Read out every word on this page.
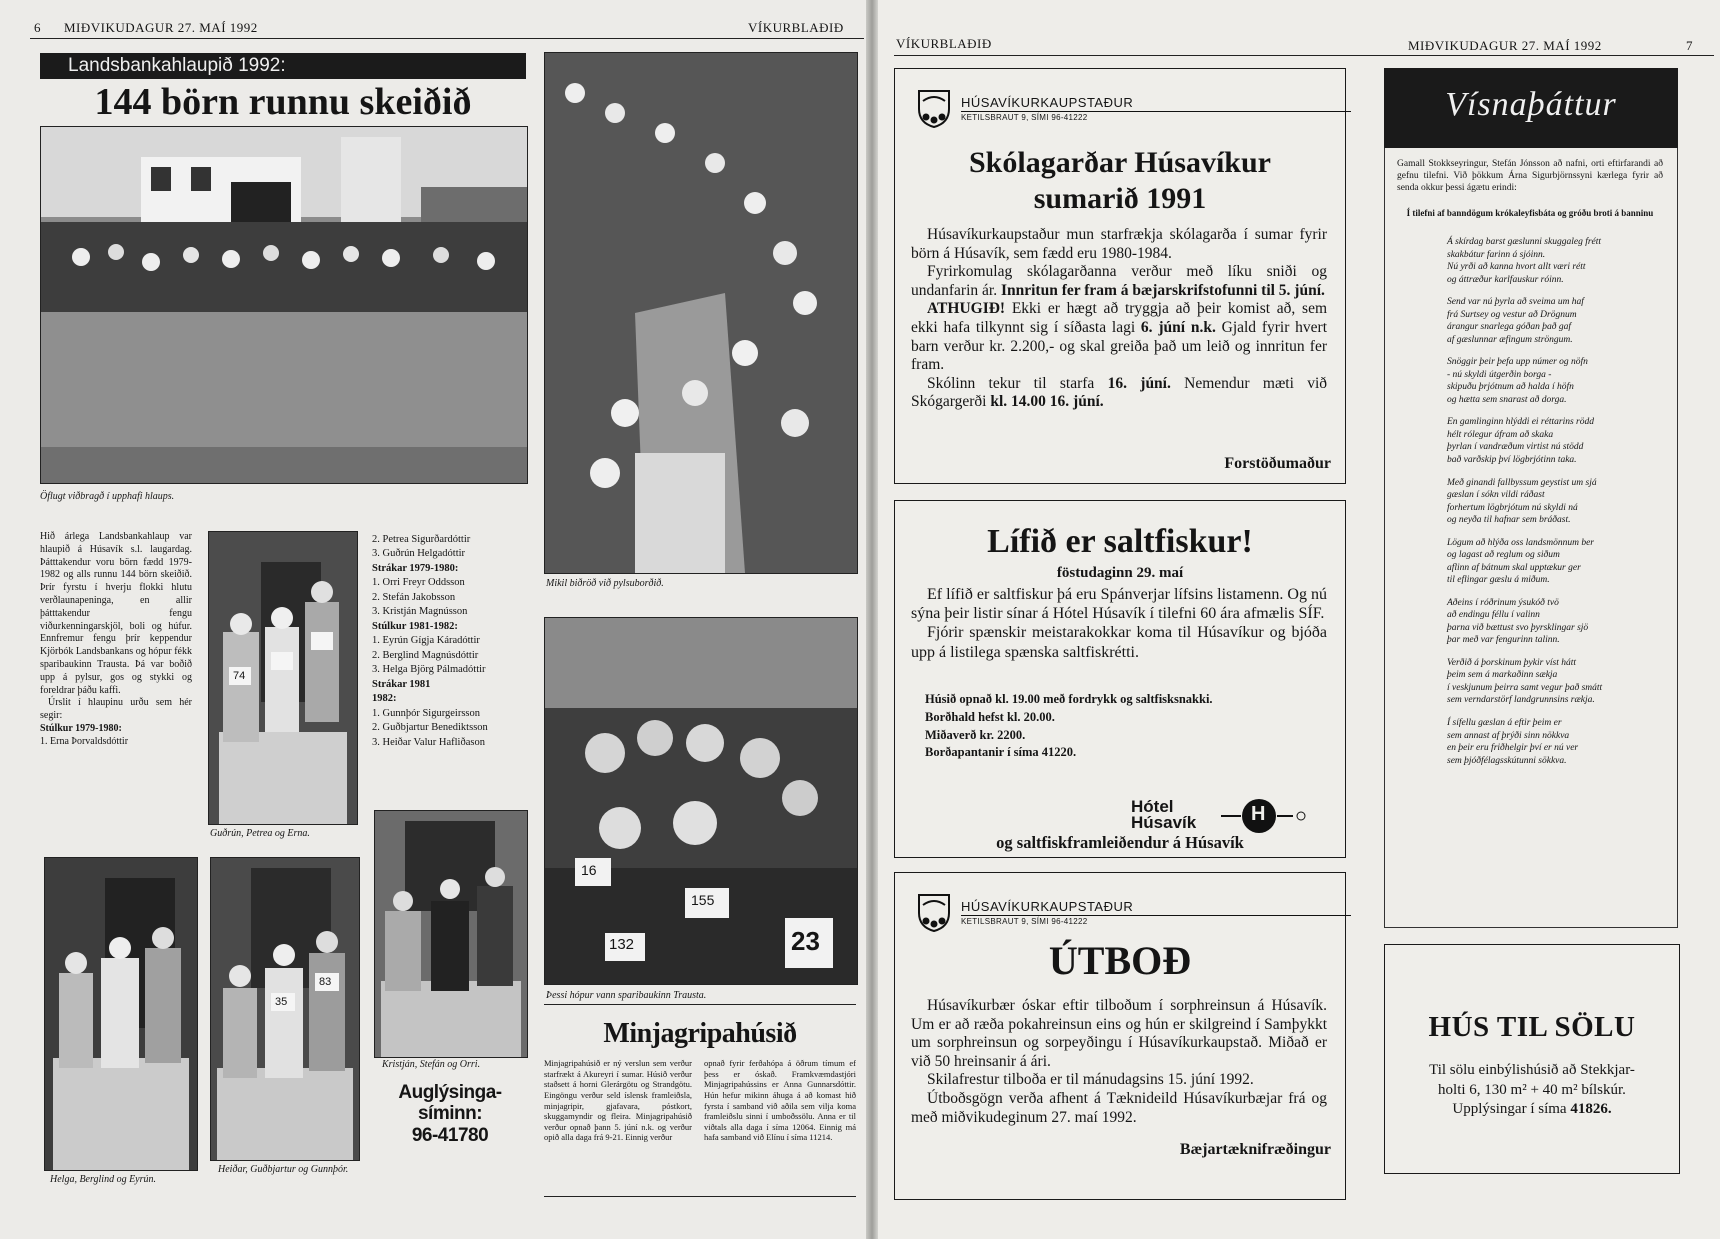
6 MIÐVIKUDAGUR 27. MAÍ 1992	VÍKURBLAÐIÐ
Landsbankahlaupið 1992:
144 börn runnu skeiðið
Öflugt viðbragð í upphafi hlaups.
Mikil biðröð við pylsuborðið.
Hið árlega Landsbankahlaup var hlaupið á Húsavík s.l. laugardag. Þátttakendur voru börn fædd 1979-1982 og alls runnu 144 börn skeiðið. Þrír fyrstu í hverju flokki hlutu verðlaunapeninga, en allir þátttakendur fengu viðurkenningarskjöl, boli og húfur. Ennfremur fengu þrír keppendur Kjörbók Landsbankans og hópur fékk sparibaukinn Trausta. Þá var boðið upp á pylsur, gos og stykki og foreldrar þáðu kaffi.
Úrslit í hlaupinu urðu sem hér segir:
Stúlkur 1979-1980:
1. Erna Þorvaldsdóttir
74
Guðrún, Petrea og Erna.
2. Petrea Sigurðardóttir
3. Guðrún Helgadóttir
Strákar 1979-1980:
1. Orri Freyr Oddsson
2. Stefán Jakobsson
3. Kristján Magnússon
Stúlkur 1981-1982:
1. Eyrún Gígja Káradóttir
2. Berglind Magnúsdóttir
3. Helga Björg Pálmadóttir
Strákar 1981
1982:
1. Gunnþór Sigurgeirsson
2. Guðbjartur Benediktsson
3. Heiðar Valur Hafliðason
Helga, Berglind og Eyrún.
35
83
Heiðar, Guðbjartur og Gunnþór.
Kristján, Stefán og Orri.
Auglýsinga-síminn:
96-41780
16
155
132	23
Þessi hópur vann sparibaukinn Trausta.
Minjagripahúsið
Minjagripahúsið er ný verslun sem verður starfrækt á Akureyri í sumar. Húsið verður staðsett á horni Glerárgötu og Strandgötu. Eingöngu verður seld íslensk framleiðsla, minjagripir, gjafavara, póstkort, skuggamyndir og fleira. Minjagripahúsið verður opnað þann 5. júní n.k. og verður opið alla daga frá 9-21. Einnig verður
opnað fyrir ferðahópa á öðrum tímum ef þess er óskað. Framkvæmdastjóri Minjagripahússins er Anna Gunnarsdóttir. Hún hefur mikinn áhuga á að komast hið fyrsta í samband við aðila sem vilja koma framleiðslu sinni í umboðssölu. Anna er til viðtals alla daga í síma 12064. Einnig má hafa samband við Elínu í síma 11214.
VÍKURBLAÐIÐ	MIÐVIKUDAGUR 27. MAÍ 1992	7
HÚSAVÍKURKAUPSTAÐUR
KETILSBRAUT 9, SÍMI 96-41222
Skólagarðar Húsavíkur
sumarið 1991

Húsavíkurkaupstaður mun starfrækja skólagarða í sumar fyrir börn á Húsavík, sem fædd eru 1980-1984.

Fyrirkomulag skólagarðanna verður með líku sniði og undanfarin ár. Innritun fer fram á bæjarskrifstofunni til 5. júní.

ATHUGIÐ! Ekki er hægt að tryggja að þeir komist að, sem ekki hafa tilkynnt sig í síðasta lagi 6. júní n.k. Gjald fyrir hvert barn verður kr. 2.200,- og skal greiða það um leið og innritun fer fram.

Skólinn tekur til starfa 16. júní. Nemendur mæti við Skógargerði kl. 14.00 16. júní.

Forstöðumaður
Lífið er saltfiskur!
föstudaginn 29. maí

Ef lífið er saltfiskur þá eru Spánverjar lífsins listamenn. Og nú sýna þeir listir sínar á Hótel Húsavík í tilefni 60 ára afmælis SÍF.

Fjórir spænskir meistarakokkar koma til Húsavíkur og bjóða upp á listilega spænska saltfiskrétti.

Húsið opnað kl. 19.00 með fordrykk og saltfisksnakki.
Borðhald hefst kl. 20.00.
Miðaverð kr. 2200.
Borðapantanir í síma 41220.
Hótel
Húsavík	H
og saltfiskframleiðendur á Húsavík
HÚSAVÍKURKAUPSTAÐUR
KETILSBRAUT 9, SÍMI 96-41222
ÚTBOÐ

Húsavíkurbær óskar eftir tilboðum í sorphreinsun á Húsavík. Um er að ræða pokahreinsun eins og hún er skilgreind í Samþykkt um sorphreinsun og sorpeyðingu í Húsavíkurkaupstað. Miðað er við 50 hreinsanir á ári.

Skilafrestur tilboða er til mánudagsins 15. júní 1992.

Útboðsgögn verða afhent á Tæknideild Húsavíkurbæjar frá og með miðvikudeginum 27. maí 1992.

Bæjartæknifræðingur
Vísnaþáttur
Gamall Stokkseyringur, Stefán Jónsson að nafni, orti eftirfarandi að gefnu tilefni. Við þökkum Árna Sigurbjörnssyni kærlega fyrir að senda okkur þessi ágætu erindi:
Í tilefni af banndögum krókaleyfisbáta og gróðu broti á banninu

Á skírdag barst gæslunni skuggaleg frétt
skakbátur farinn á sjóinn.
Nú yrði að kanna hvort allt væri rétt
og áttræður karlfauskur róinn.

Send var nú þyrla að sveima um haf
frá Surtsey og vestur að Drögnum
árangur snarlega góðan það gaf
af gæslunnar æfingum ströngum.

Snöggir þeir þefa upp númer og nöfn
- nú skyldi útgerðin borga -
skipuðu þrjótnum að halda í höfn
og hætta sem snarast að dorga.

En gamlinginn hlýddi ei réttarins rödd
hélt rólegur áfram að skaka
þyrlan í vandræðum virtist nú stödd
bað varðskip því lögbrjótinn taka.

Með ginandi fallbyssum geystist um sjá
gæslan í sókn vildi ráðast
forhertum lögbrjótum nú skyldi ná
og neyða til hafnar sem bráðast.

Lögum að hlýða oss landsmönnum ber
og lagast að reglum og siðum
aflinn af bátnum skal upptækur ger
til eflingar gæslu á miðum.

Aðeins í róðrinum ýsukóð tvö
að endingu féllu í valinn
þarna við bættust svo þyrsklingar sjö
þar með var fengurinn talinn.

Verðið á þorskinum þykir víst hátt
þeim sem á markaðinn sækja
í veskjunum þeirra samt vegur það smátt
sem verndarstörf landgrunnsins rækja.

Í sífellu gæslan á eftir þeim er
sem annast af þrýði sinn nökkva
en þeir eru friðhelgir því er nú ver
sem þjóðfélagsskútunni sökkva.

HÚS TIL SÖLU
Til sölu einbýlishúsið að Stekkjar-
holti 6, 130 m² + 40 m² bílskúr.
Upplýsingar í síma 41826.
